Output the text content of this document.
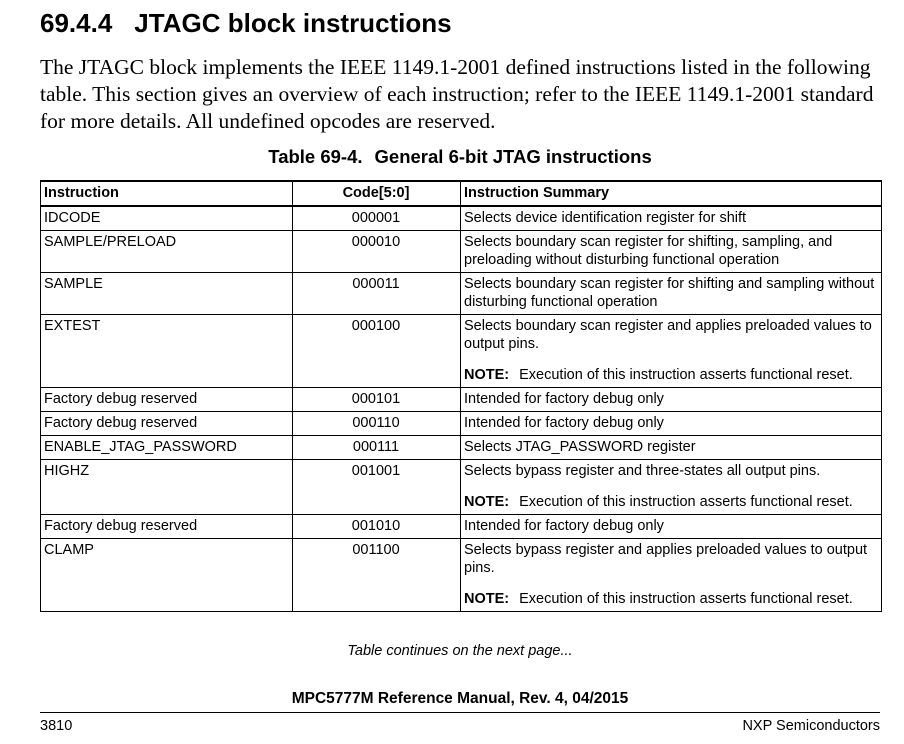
69.4.4 JTAGC block instructions

The JTAGC block implements the IEEE 1149.1-2001 defined instructions listed in the following table. This section gives an overview of each instruction; refer to the IEEE 1149.1-2001 standard for more details. All undefined opcodes are reserved.

Table 69-4. General 6-bit JTAG instructions
Instruction	Code[5:0]	Instruction Summary
IDCODE	000001	Selects device identification register for shift

SAMPLE/PRELOAD	000010	Selects boundary scan register for shifting, sampling, and preloading without disturbing functional operation

SAMPLE	000011	Selects boundary scan register for shifting and sampling without disturbing functional operation

EXTEST	000100	Selects boundary scan register and applies preloaded values to output pins.
NOTE: Execution of this instruction asserts functional reset.

Factory debug reserved	000101	Intended for factory debug only

Factory debug reserved	000110	Intended for factory debug only

ENABLE_JTAG_PASSWORD	000111	Selects JTAG_PASSWORD register

HIGHZ	001001	Selects bypass register and three-states all output pins.
NOTE: Execution of this instruction asserts functional reset.

Factory debug reserved	001010	Intended for factory debug only

CLAMP	001100	Selects bypass register and applies preloaded values to output pins.
NOTE: Execution of this instruction asserts functional reset.

Table continues on the next page...

MPC5777M Reference Manual, Rev. 4, 04/2015

3810	NXP Semiconductors
